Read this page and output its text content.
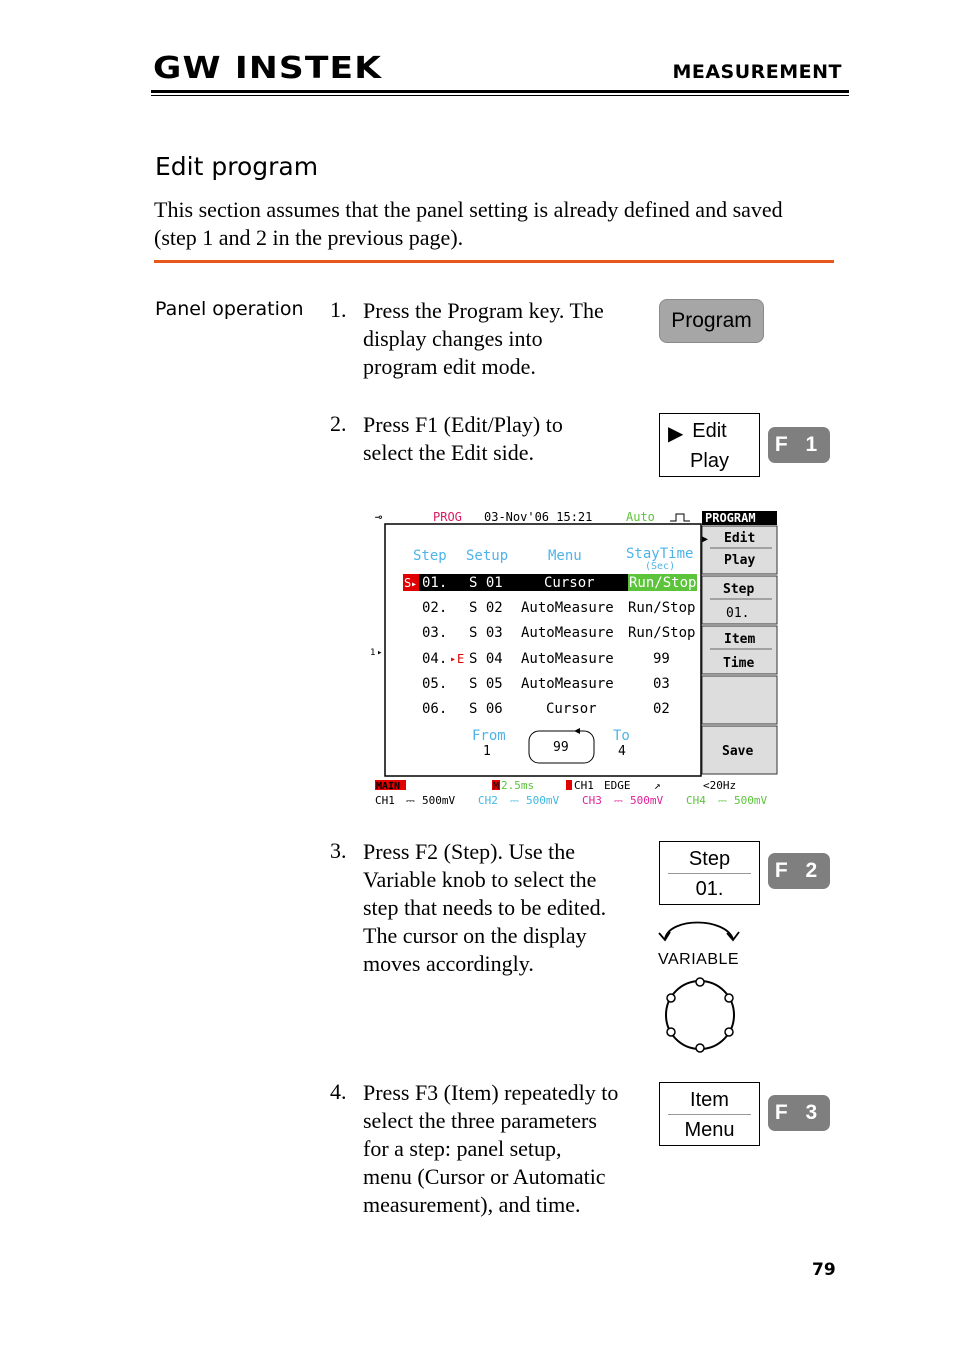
GW INSTEK	MEASUREMENT
Edit program
This section assumes that the panel setting is already defined and saved (step 1 and 2 in the previous page).
Panel operation 1. Press the Program key. The
display changes into
program edit mode.
Program
2. Press F1 (Edit/Play) to
select the Edit side.
▶ Edit
Play
F 1
⊸	PROG 03-Nov'06 15:21	Auto
1 ▸
Step Setup	Menu	StayTime
(Sec)
S ▸ 01. S 01	Cursor Run/Stop
02. S 02 AutoMeasure Run/Stop
03. S 03 AutoMeasure Run/Stop
04. ▸ E S 04 AutoMeasure	99
05. S 05 AutoMeasure	03
06. S 06	Cursor	02
From
1	99
To
4
PROGRAM
▶ Edit
Play
Step
01.
Item
Time
Save
MAIN	M 2.5ms	CH1 EDGE ↗	<20Hz
CH1 ⎓ 500mV CH2 ⎓ 500mV CH3 ⎓ 500mV CH4 ⎓ 500mV
3. Press F2 (Step). Use the
Variable knob to select the
step that needs to be edited.
The cursor on the display
moves accordingly.
Step
01.
F 2
VARIABLE
4. Press F3 (Item) repeatedly to
select the three parameters
for a step: panel setup,
menu (Cursor or Automatic
measurement), and time.
Item
Menu
F 3
79
